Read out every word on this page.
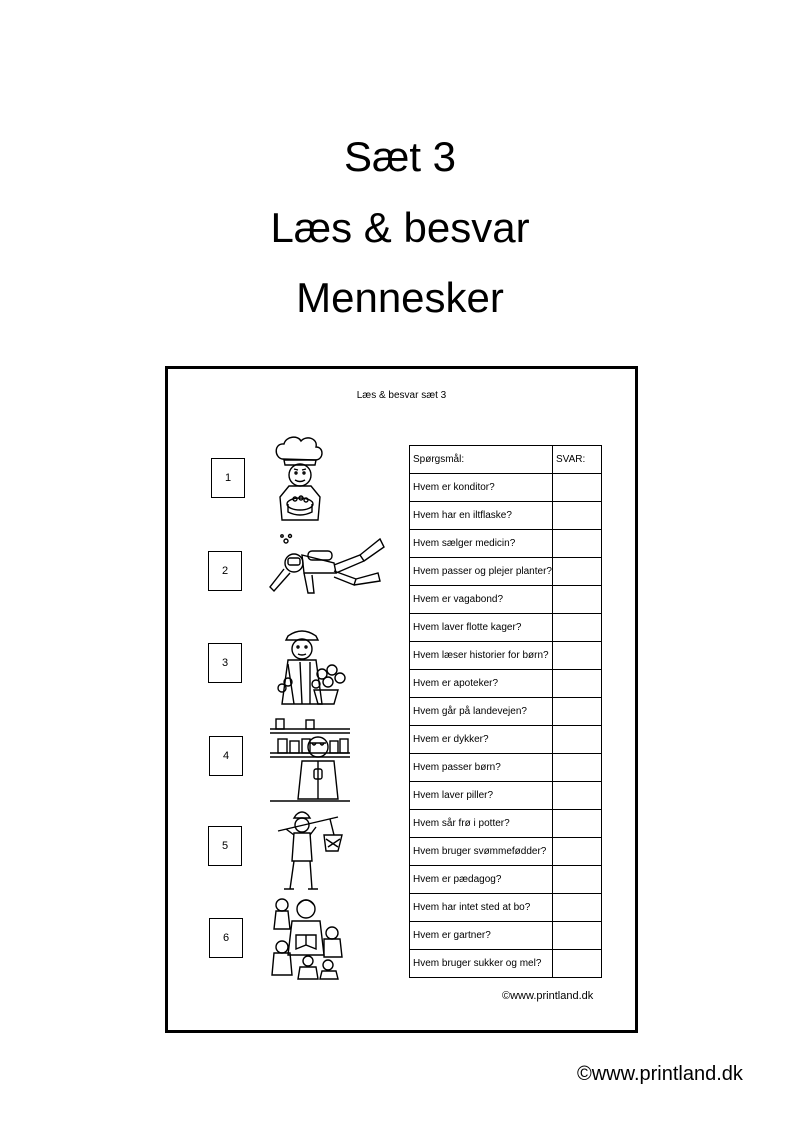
Sæt 3
Læs & besvar
Mennesker
Læs & besvar sæt 3
1
2
3
4
5
6
Spørgsmål:	SVAR:
Hvem er konditor?	
Hvem har en iltflaske?	
Hvem sælger medicin?	
Hvem passer og plejer planter?	
Hvem er vagabond?	
Hvem laver flotte kager?	
Hvem læser historier for børn?	
Hvem er apoteker?	
Hvem går på landevejen?	
Hvem er dykker?	
Hvem passer børn?	
Hvem laver piller?	
Hvem sår frø i potter?	
Hvem bruger svømmefødder?	
Hvem er pædagog?	
Hvem har intet sted at bo?	
Hvem er gartner?	
Hvem bruger sukker og mel?	
©www.printland.dk
©www.printland.dk
